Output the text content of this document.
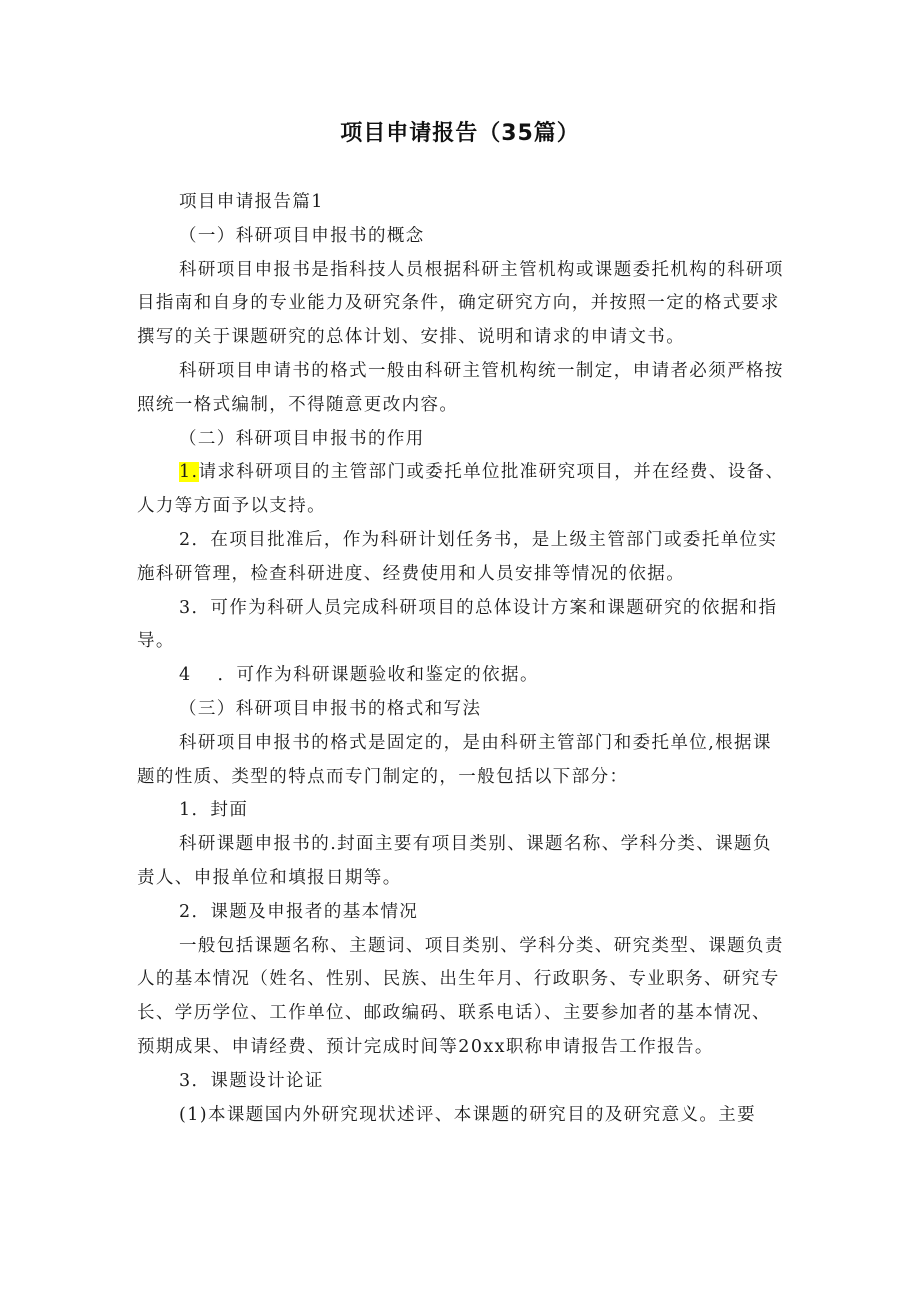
项目申请报告（35篇）

项目申请报告篇1

（一）科研项目申报书的概念

科研项目申报书是指科技人员根据科研主管机构或课题委托机构的科研项目指南和自身的专业能力及研究条件，确定研究方向，并按照一定的格式要求撰写的关于课题研究的总体计划、安排、说明和请求的申请文书。

科研项目申请书的格式一般由科研主管机构统一制定，申请者必须严格按照统一格式编制，不得随意更改内容。

（二）科研项目申报书的作用

1.请求科研项目的主管部门或委托单位批准研究项目，并在经费、设备、人力等方面予以支持。

2．在项目批准后，作为科研计划任务书，是上级主管部门或委托单位实施科研管理，检查科研进度、经费使用和人员安排等情况的依据。

3．可作为科研人员完成科研项目的总体设计方案和课题研究的依据和指导。

4 ．可作为科研课题验收和鉴定的依据。

（三）科研项目申报书的格式和写法

科研项目申报书的格式是固定的，是由科研主管部门和委托单位,根据课题的性质、类型的特点而专门制定的，一般包括以下部分：

1．封面

科研课题申报书的.封面主要有项目类别、课题名称、学科分类、课题负责人、申报单位和填报日期等。

2．课题及申报者的基本情况

一般包括课题名称、主题词、项目类别、学科分类、研究类型、课题负责人的基本情况（姓名、性别、民族、出生年月、行政职务、专业职务、研究专长、学历学位、工作单位、邮政编码、联系电话）、主要参加者的基本情况、预期成果、申请经费、预计完成时间等20xx职称申请报告工作报告。

3．课题设计论证

(1)本课题国内外研究现状述评、本课题的研究目的及研究意义。主要
